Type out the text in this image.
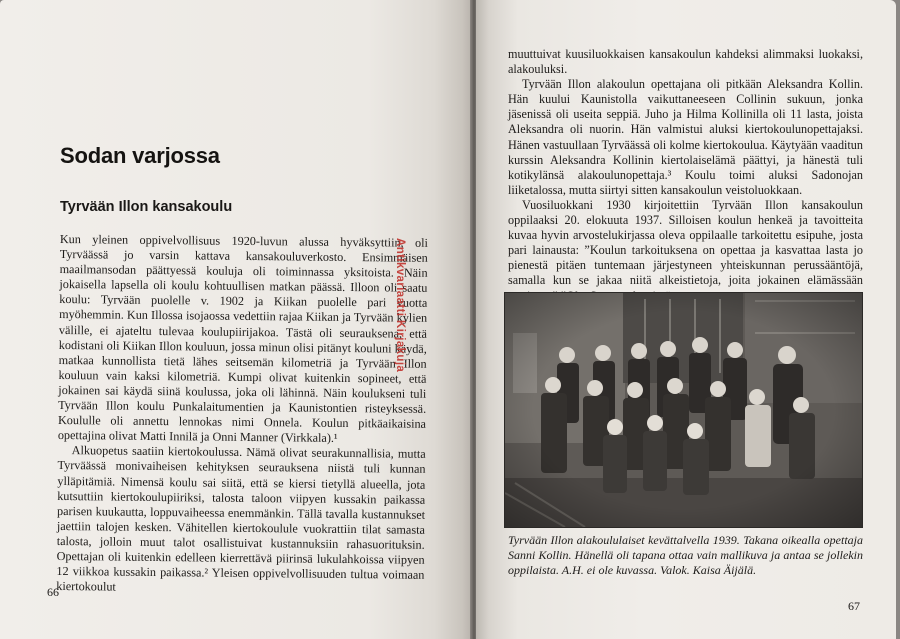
Sodan varjossa
Tyrvään Illon kansakoulu

Kun yleinen oppivelvollisuus 1920-luvun alussa hyväksyttiin, oli Tyrväässä jo varsin kattava kansakouluverkosto. Ensimmäisen maailmansodan päättyessä kouluja oli toiminnassa yksitoista. Näin jokaisella lapsella oli koulu kohtuullisen matkan päässä. Illoon oli saatu koulu: Tyrvään puolelle v. 1902 ja Kiikan puolelle pari vuotta myöhemmin. Kun Illossa isojaossa vedettiin rajaa Kiikan ja Tyrvään kylien välille, ei ajateltu tulevaa koulupiirijakoa. Tästä oli seurauksena, että kodistani oli Kiikan Illon kouluun, jossa minun olisi pitänyt kouluni käydä, matkaa kunnollista tietä lähes seitsemän kilometriä ja Tyrvään Illon kouluun vain kaksi kilometriä. Kumpi olivat kuitenkin sopineet, että jokainen sai käydä siinä koulussa, joka oli lähinnä. Näin koulukseni tuli Tyrvään Illon koulu Punkalaitumentien ja Kaunistontien risteyksessä. Koululle oli annettu lennokas nimi Onnela. Koulun pitkäaikaisina opettajina olivat Matti Innilä ja Onni Manner (Virkkala).¹

Alkuopetus saatiin kiertokoulussa. Nämä olivat seurakunnallisia, mutta Tyrväässä monivaiheisen kehityksen seurauksena niistä tuli kunnan ylläpitämiä. Nimensä koulu sai siitä, että se kiersi tietyllä alueella, jota kutsuttiin kiertokoulupiiriksi, talosta taloon viipyen kussakin paikassa parisen kuukautta, loppuvaiheessa enemmänkin. Tällä tavalla kustannukset jaettiin talojen kesken. Vähitellen kiertokoulule vuokrattiin tilat samasta talosta, jolloin muut talot osallistuivat kustannuksiin rahasuorituksin. Opettajan oli kuitenkin edelleen kierrettävä piirinsä lukulahkoissa viipyen 12 viikkoa kussakin paikassa.² Yleisen oppivelvollisuuden tultua voimaan kiertokoulut

Antikvariaatti Kirjakuja
66

muuttuivat kuusiluokkaisen kansakoulun kahdeksi alimmaksi luokaksi, alakouluksi.

Tyrvään Illon alakoulun opettajana oli pitkään Aleksandra Kollin. Hän kuului Kaunistolla vaikuttaneeseen Collinin sukuun, jonka jäsenissä oli useita seppiä. Juho ja Hilma Kollinilla oli 11 lasta, joista Aleksandra oli nuorin. Hän valmistui aluksi kiertokoulunopettajaksi. Hänen vastuullaan Tyrväässä oli kolme kiertokoulua. Käytyään vaaditun kurssin Aleksandra Kollinin kiertolaiselämä päättyi, ja hänestä tuli kotikylänsä alakoulunopettaja.³ Koulu toimi aluksi Sadonojan liiketalossa, mutta siirtyi sitten kansakoulun veistoluokkaan.

Vuosiluokkani 1930 kirjoitettiin Tyrvään Illon kansakoulun oppilaaksi 20. elokuuta 1937. Silloisen koulun henkeä ja tavoitteita kuvaa hyvin arvostelukirjassa oleva oppilaalle tarkoitettu esipuhe, josta pari lainausta: ”Koulun tarkoituksena on opettaa ja kasvattaa lasta jo pienestä pitäen tuntemaan järjestyneen yhteiskunnan perussääntöjä, samalla kun se jakaa niitä alkeistietoja, joita jokainen elämässään

Tyrvään Illon alakoululaiset kevättalvella 1939. Takana oikealla opettaja Sanni Kollin. Hänellä oli tapana ottaa vain mallikuva ja antaa se jollekin oppilaista. A.H. ei ole kuvassa. Valok. Kaisa Äijälä.

67
